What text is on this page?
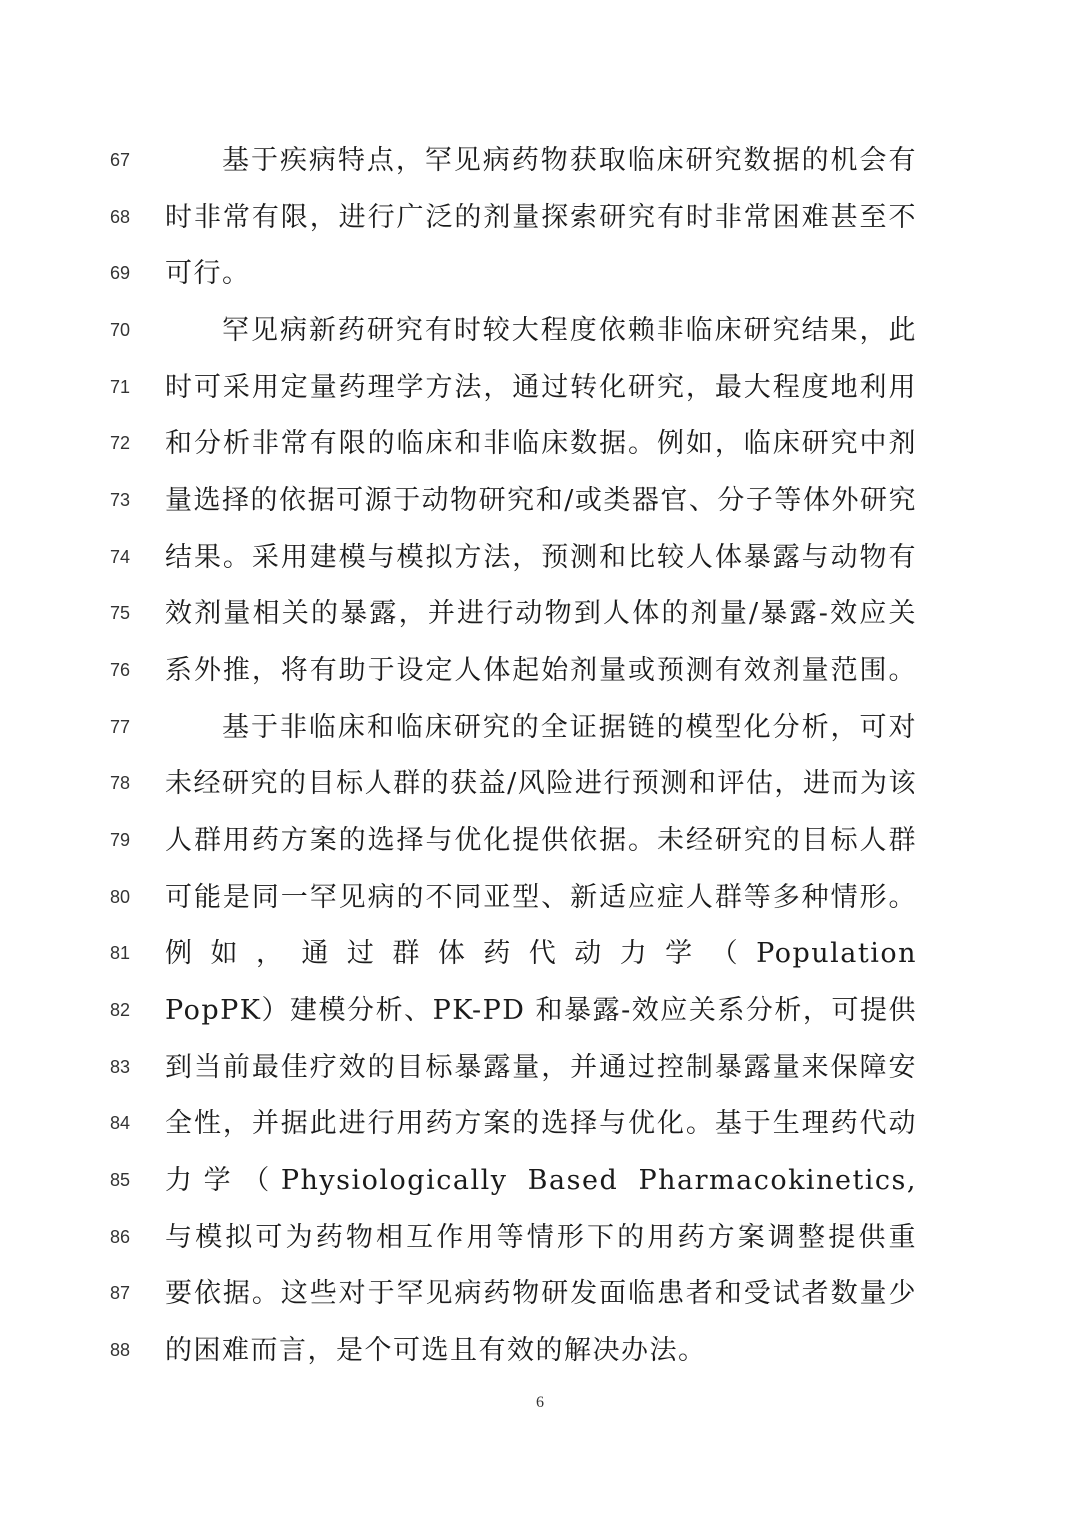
67	基于疾病特点，罕见病药物获取临床研究数据的机会有
68	时非常有限，进行广泛的剂量探索研究有时非常困难甚至不
69	可行。
70	罕见病新药研究有时较大程度依赖非临床研究结果，此
71	时可采用定量药理学方法，通过转化研究，最大程度地利用
72	和分析非常有限的临床和非临床数据。例如，临床研究中剂
73	量选择的依据可源于动物研究和/或类器官、分子等体外研究
74	结果。采用建模与模拟方法，预测和比较人体暴露与动物有
75	效剂量相关的暴露，并进行动物到人体的剂量/暴露-效应关
76	系外推，将有助于设定人体起始剂量或预测有效剂量范围。
77	基于非临床和临床研究的全证据链的模型化分析，可对
78	未经研究的目标人群的获益/风险进行预测和评估，进而为该
79	人群用药方案的选择与优化提供依据。未经研究的目标人群
80	可能是同一罕见病的不同亚型、新适应症人群等多种情形。
81	例如，通过群体药代动力学（Population
82	PopPK）建模分析、PK-PD 和暴露-效应关系分析，可提供
83	到当前最佳疗效的目标暴露量，并通过控制暴露量来保障安
84	全性，并据此进行用药方案的选择与优化。基于生理药代动
85	力学（Physiologically Based Pharmacokinetics,
86	与模拟可为药物相互作用等情形下的用药方案调整提供重
87	要依据。这些对于罕见病药物研发面临患者和受试者数量少
88	的困难而言，是个可选且有效的解决办法。
6
